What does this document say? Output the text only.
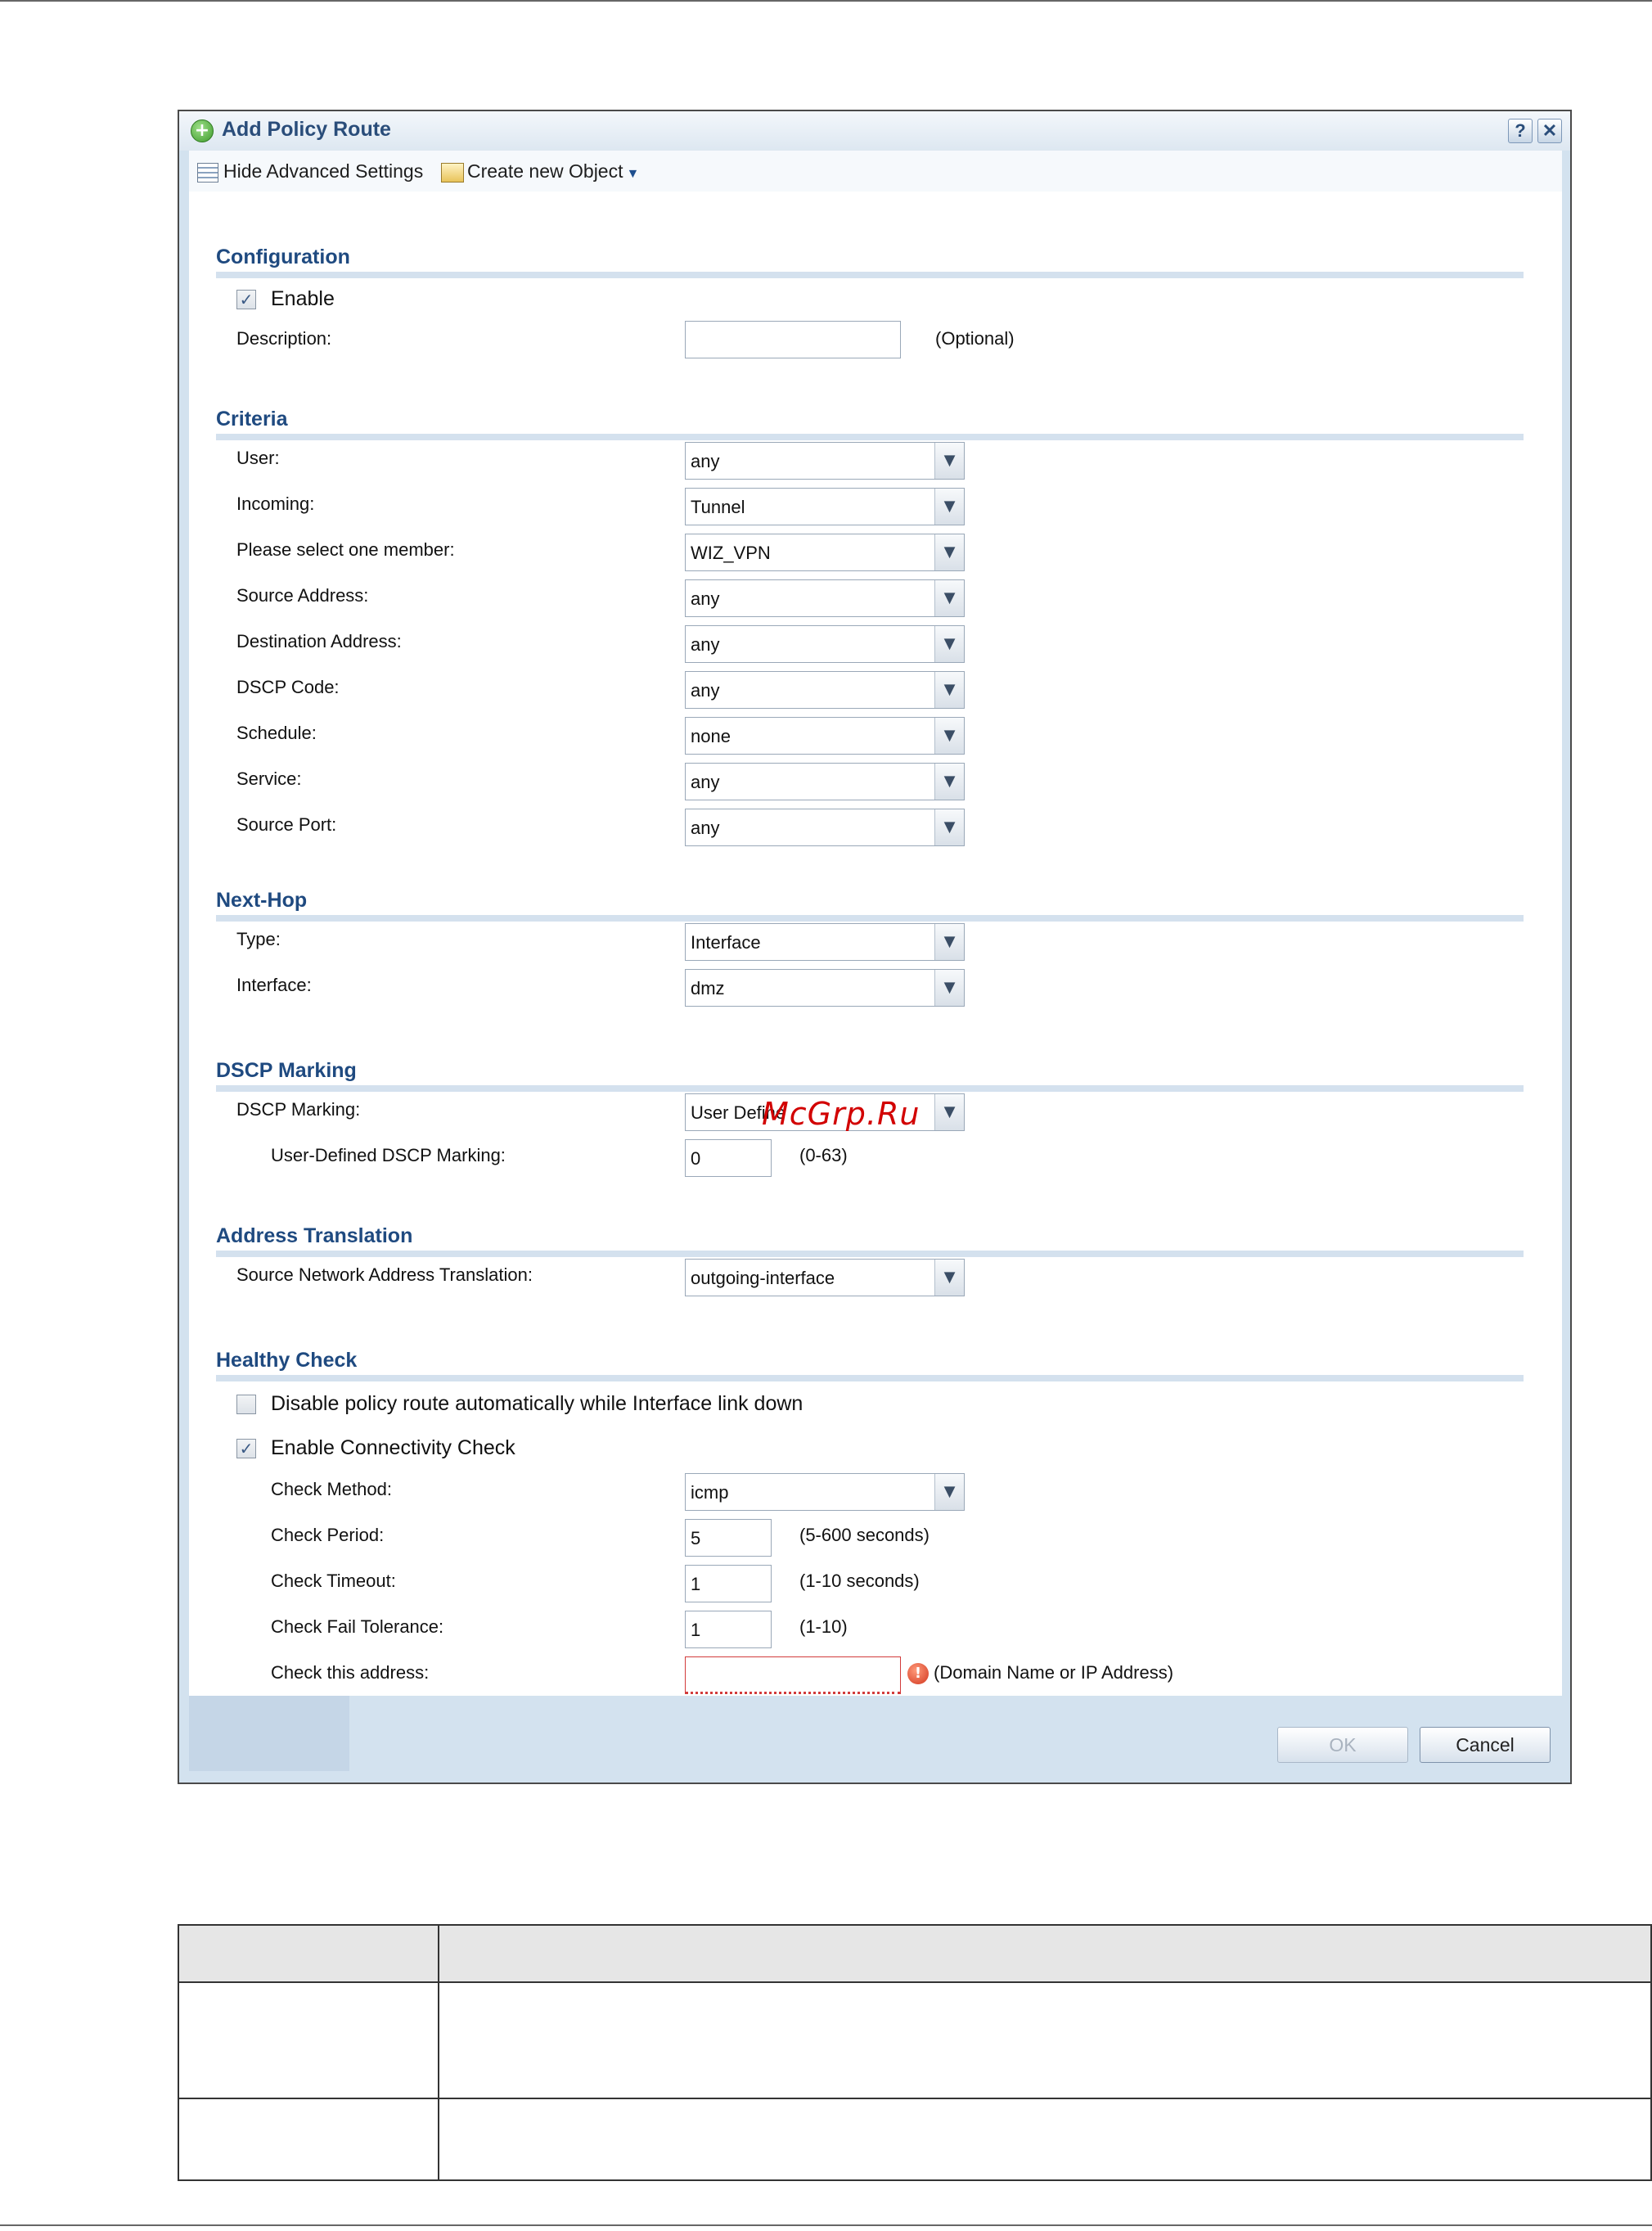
+ Add Policy Route	? ✕
Hide Advanced Settings	Create new Object ▼
Configuration
✓ Enable
Description:	(Optional)
Criteria
User:	any	▼
Incoming:	Tunnel	▼
Please select one member:	WIZ_VPN	▼
Source Address:	any	▼
Destination Address:	any	▼
DSCP Code:	any	▼
Schedule:	none	▼
Service:	any	▼
Source Port:	any	▼
Next-Hop
Type:	Interface	▼
Interface:	dmz	▼
DSCP Marking
DSCP Marking:	User Define	▼
User-Defined DSCP Marking:	0	(0-63)
Address Translation
Source Network Address Translation:	outgoing-interface	▼
Healthy Check
Disable policy route automatically while Interface link down
✓ Enable Connectivity Check
Check Method:	icmp	▼
Check Period:	5	(5-600 seconds)
Check Timeout:	1	(1-10 seconds)
Check Fail Tolerance:	1	(1-10)
Check this address:	! (Domain Name or IP Address)
McGrp.Ru
OK	Cancel
